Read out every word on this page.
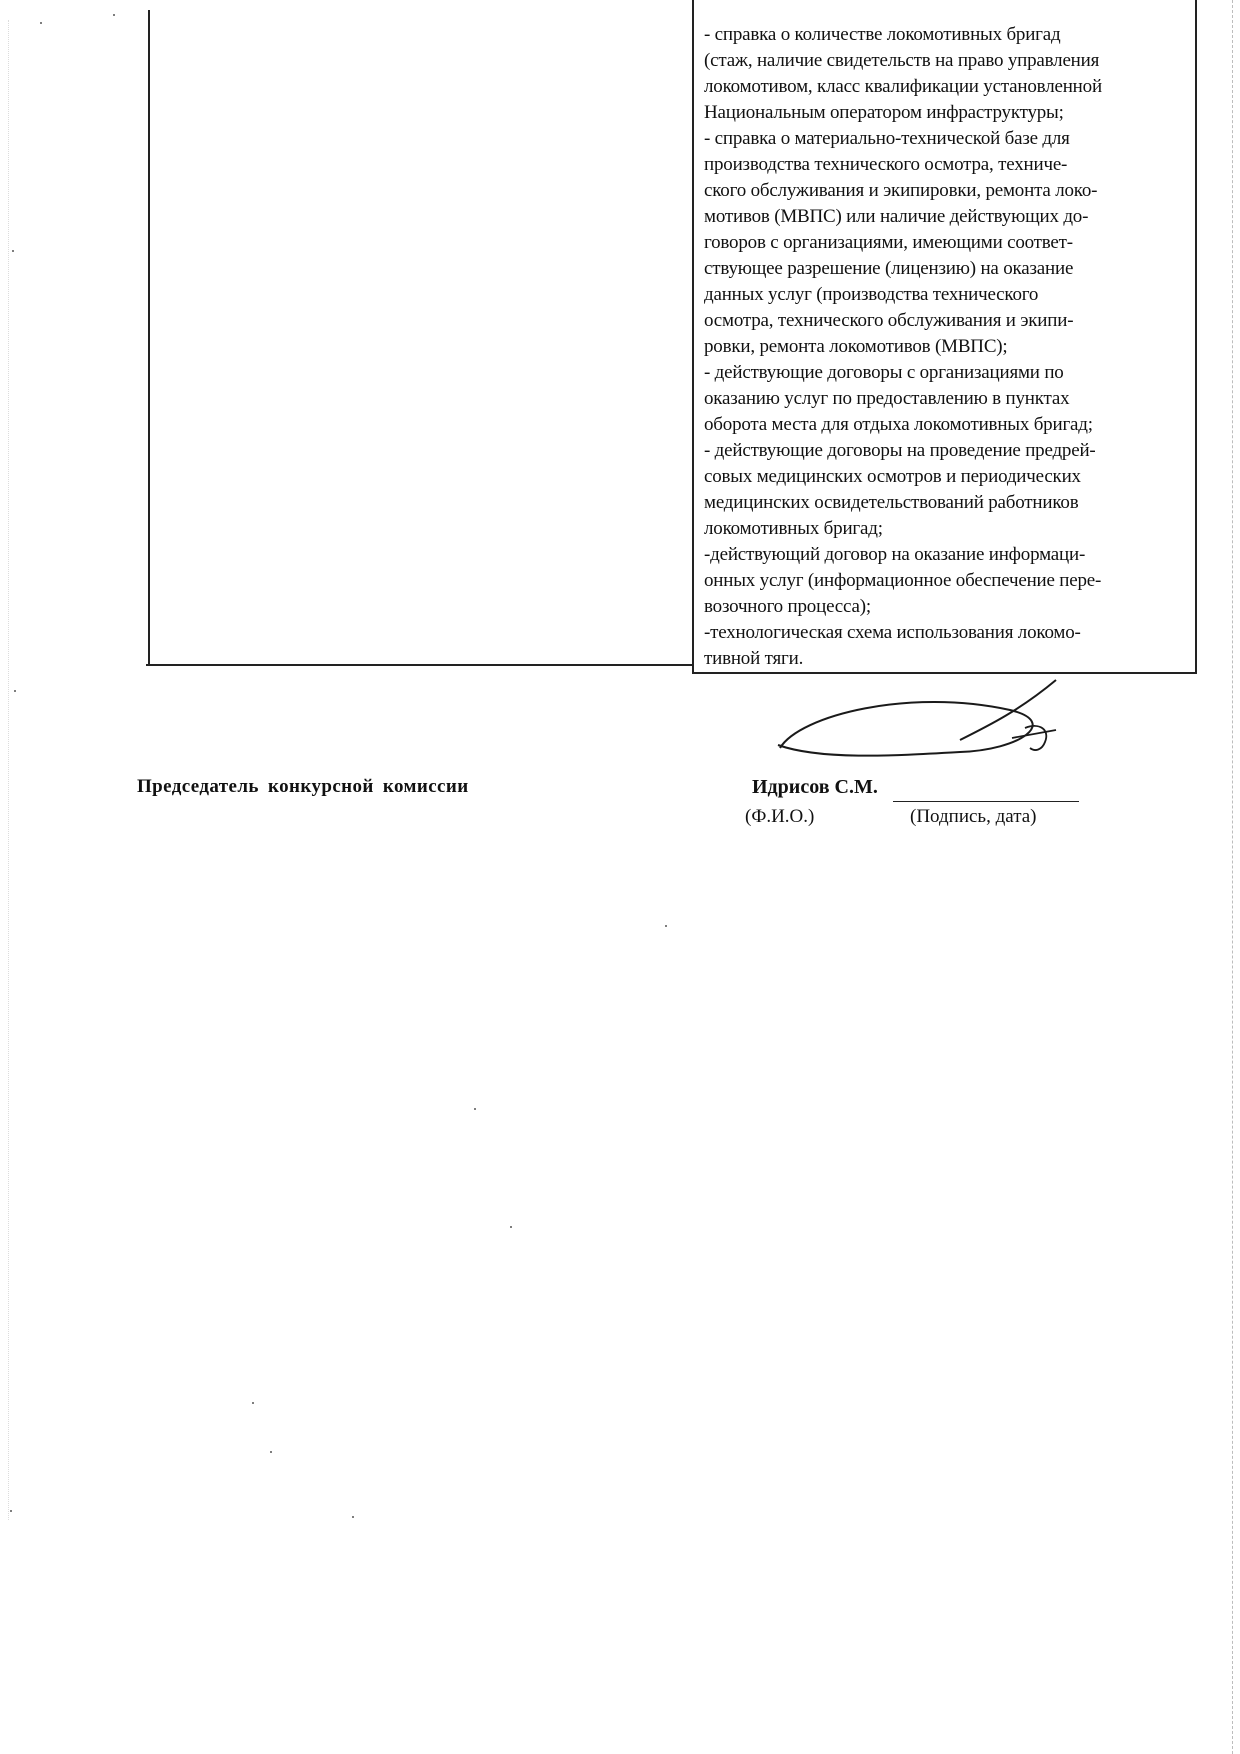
- справка о количестве локомотивных бригад
(стаж, наличие свидетельств на право управления
локомотивом, класс квалификации установленной
Национальным оператором инфраструктуры;
- справка о материально-технической базе для
производства технического осмотра, техниче-
ского обслуживания и экипировки, ремонта локо-
мотивов (МВПС) или наличие действующих до-
говоров с организациями, имеющими соответ-
ствующее разрешение (лицензию) на оказание
данных услуг (производства технического
осмотра, технического обслуживания и экипи-
ровки, ремонта локомотивов (МВПС);
- действующие договоры с организациями по
оказанию услуг по предоставлению в пунктах
оборота места для отдыха локомотивных бригад;
- действующие договоры на проведение предрей-
совых медицинских осмотров и периодических
медицинских освидетельствований работников
локомотивных бригад;
-действующий договор на оказание информаци-
онных услуг (информационное обеспечение пере-
возочного процесса);
-технологическая схема использования локомо-
тивной тяги.
Председатель конкурсной комиссии	Идрисов С.М.
(Ф.И.О.)	(Подпись, дата)
